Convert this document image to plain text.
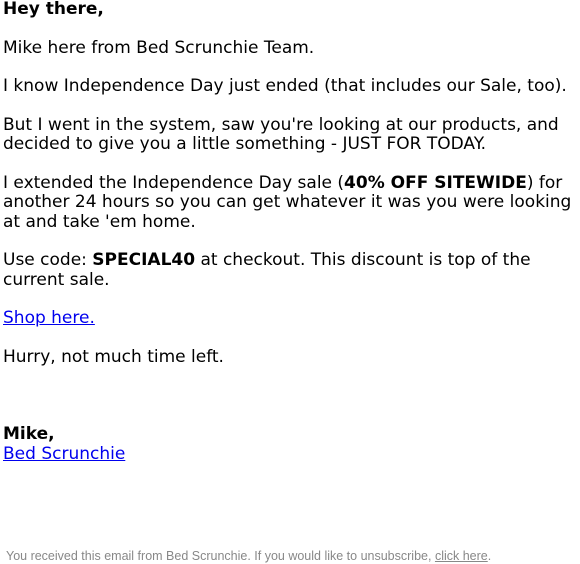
Hey there,

Mike here from Bed Scrunchie Team.

I know Independence Day just ended (that includes our Sale, too).

But I went in the system, saw you're looking at our products, and decided to give you a little something - JUST FOR TODAY.

I extended the Independence Day sale (40% OFF SITEWIDE) for another 24 hours so you can get whatever it was you were looking at and take 'em home.

Use code: SPECIAL40 at checkout. This discount is top of the current sale.

Shop here.

Hurry, not much time left.

Mike,

Bed Scrunchie

You received this email from Bed Scrunchie. If you would like to unsubscribe, click here.
